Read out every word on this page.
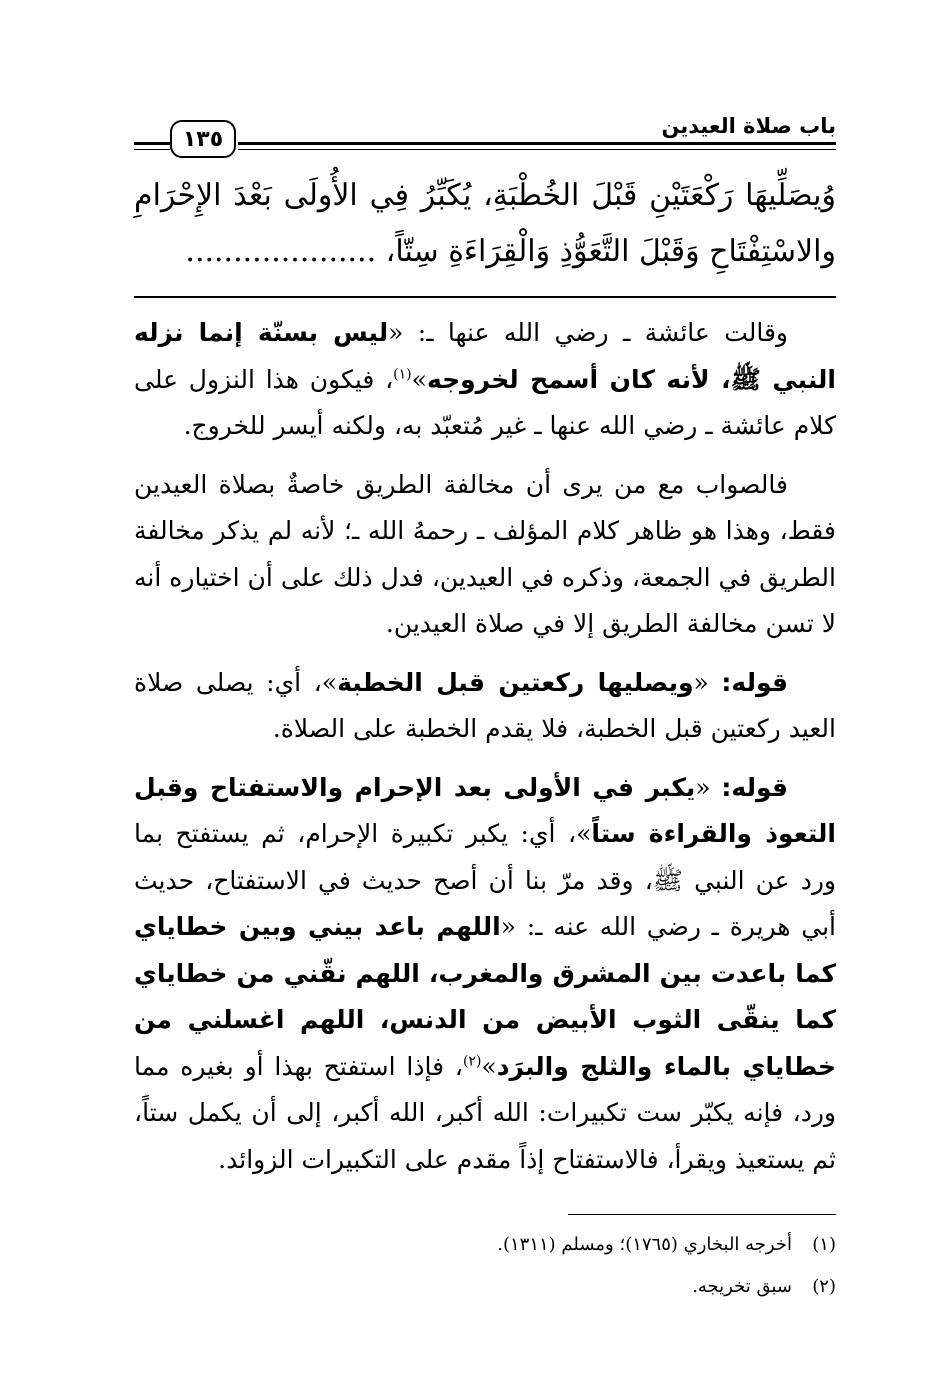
باب صلاة العيدين
١٣٥
وُيصَلِّيهَا رَكْعَتَيْنِ قَبْلَ الخُطْبَةِ، يُكَبِّرُ فِي الأُولَى بَعْدَ الإِحْرَامِ
والاسْتِفْتَاحِ وَقَبْلَ التَّعَوُّذِ وَالْقِرَاءَةِ سِتّاً، ....................

وقالت عائشة ـ رضي الله عنها ـ: «ليس بسنّة إنما نزله النبي ﷺ، لأنه كان أسمح لخروجه»$^{(١)}$، فيكون هذا النزول على كلام عائشة ـ رضي الله عنها ـ غير مُتعبّد به، ولكنه أيسر للخروج.

فالصواب مع من يرى أن مخالفة الطريق خاصةٌ بصلاة العيدين فقط، وهذا هو ظاهر كلام المؤلف ـ رحمهُ الله ـ؛ لأنه لم يذكر مخالفة الطريق في الجمعة، وذكره في العيدين، فدل ذلك على أن اختياره أنه لا تسن مخالفة الطريق إلا في صلاة العيدين.

قوله: «ويصليها ركعتين قبل الخطبة»، أي: يصلى صلاة العيد ركعتين قبل الخطبة، فلا يقدم الخطبة على الصلاة.

قوله: «يكبر في الأولى بعد الإحرام والاستفتاح وقبل التعوذ والقراءة ستاً»، أي: يكبر تكبيرة الإحرام، ثم يستفتح بما ورد عن النبي ﷺ، وقد مرّ بنا أن أصح حديث في الاستفتاح، حديث أبي هريرة ـ رضي الله عنه ـ: «اللهم باعد بيني وبين خطاياي كما باعدت بين المشرق والمغرب، اللهم نقّني من خطاياي كما ينقّى الثوب الأبيض من الدنس، اللهم اغسلني من خطاياي بالماء والثلج والبرَد»$^{(٢)}$، فإذا استفتح بهذا أو بغيره مما ورد، فإنه يكبّر ست تكبيرات: الله أكبر، الله أكبر، إلى أن يكمل ستاً، ثم يستعيذ ويقرأ، فالاستفتاح إذاً مقدم على التكبيرات الزوائد.

(١)
أخرجه البخاري (١٧٦٥)؛ ومسلم (١٣١١).
(٢)
سبق تخريجه.
